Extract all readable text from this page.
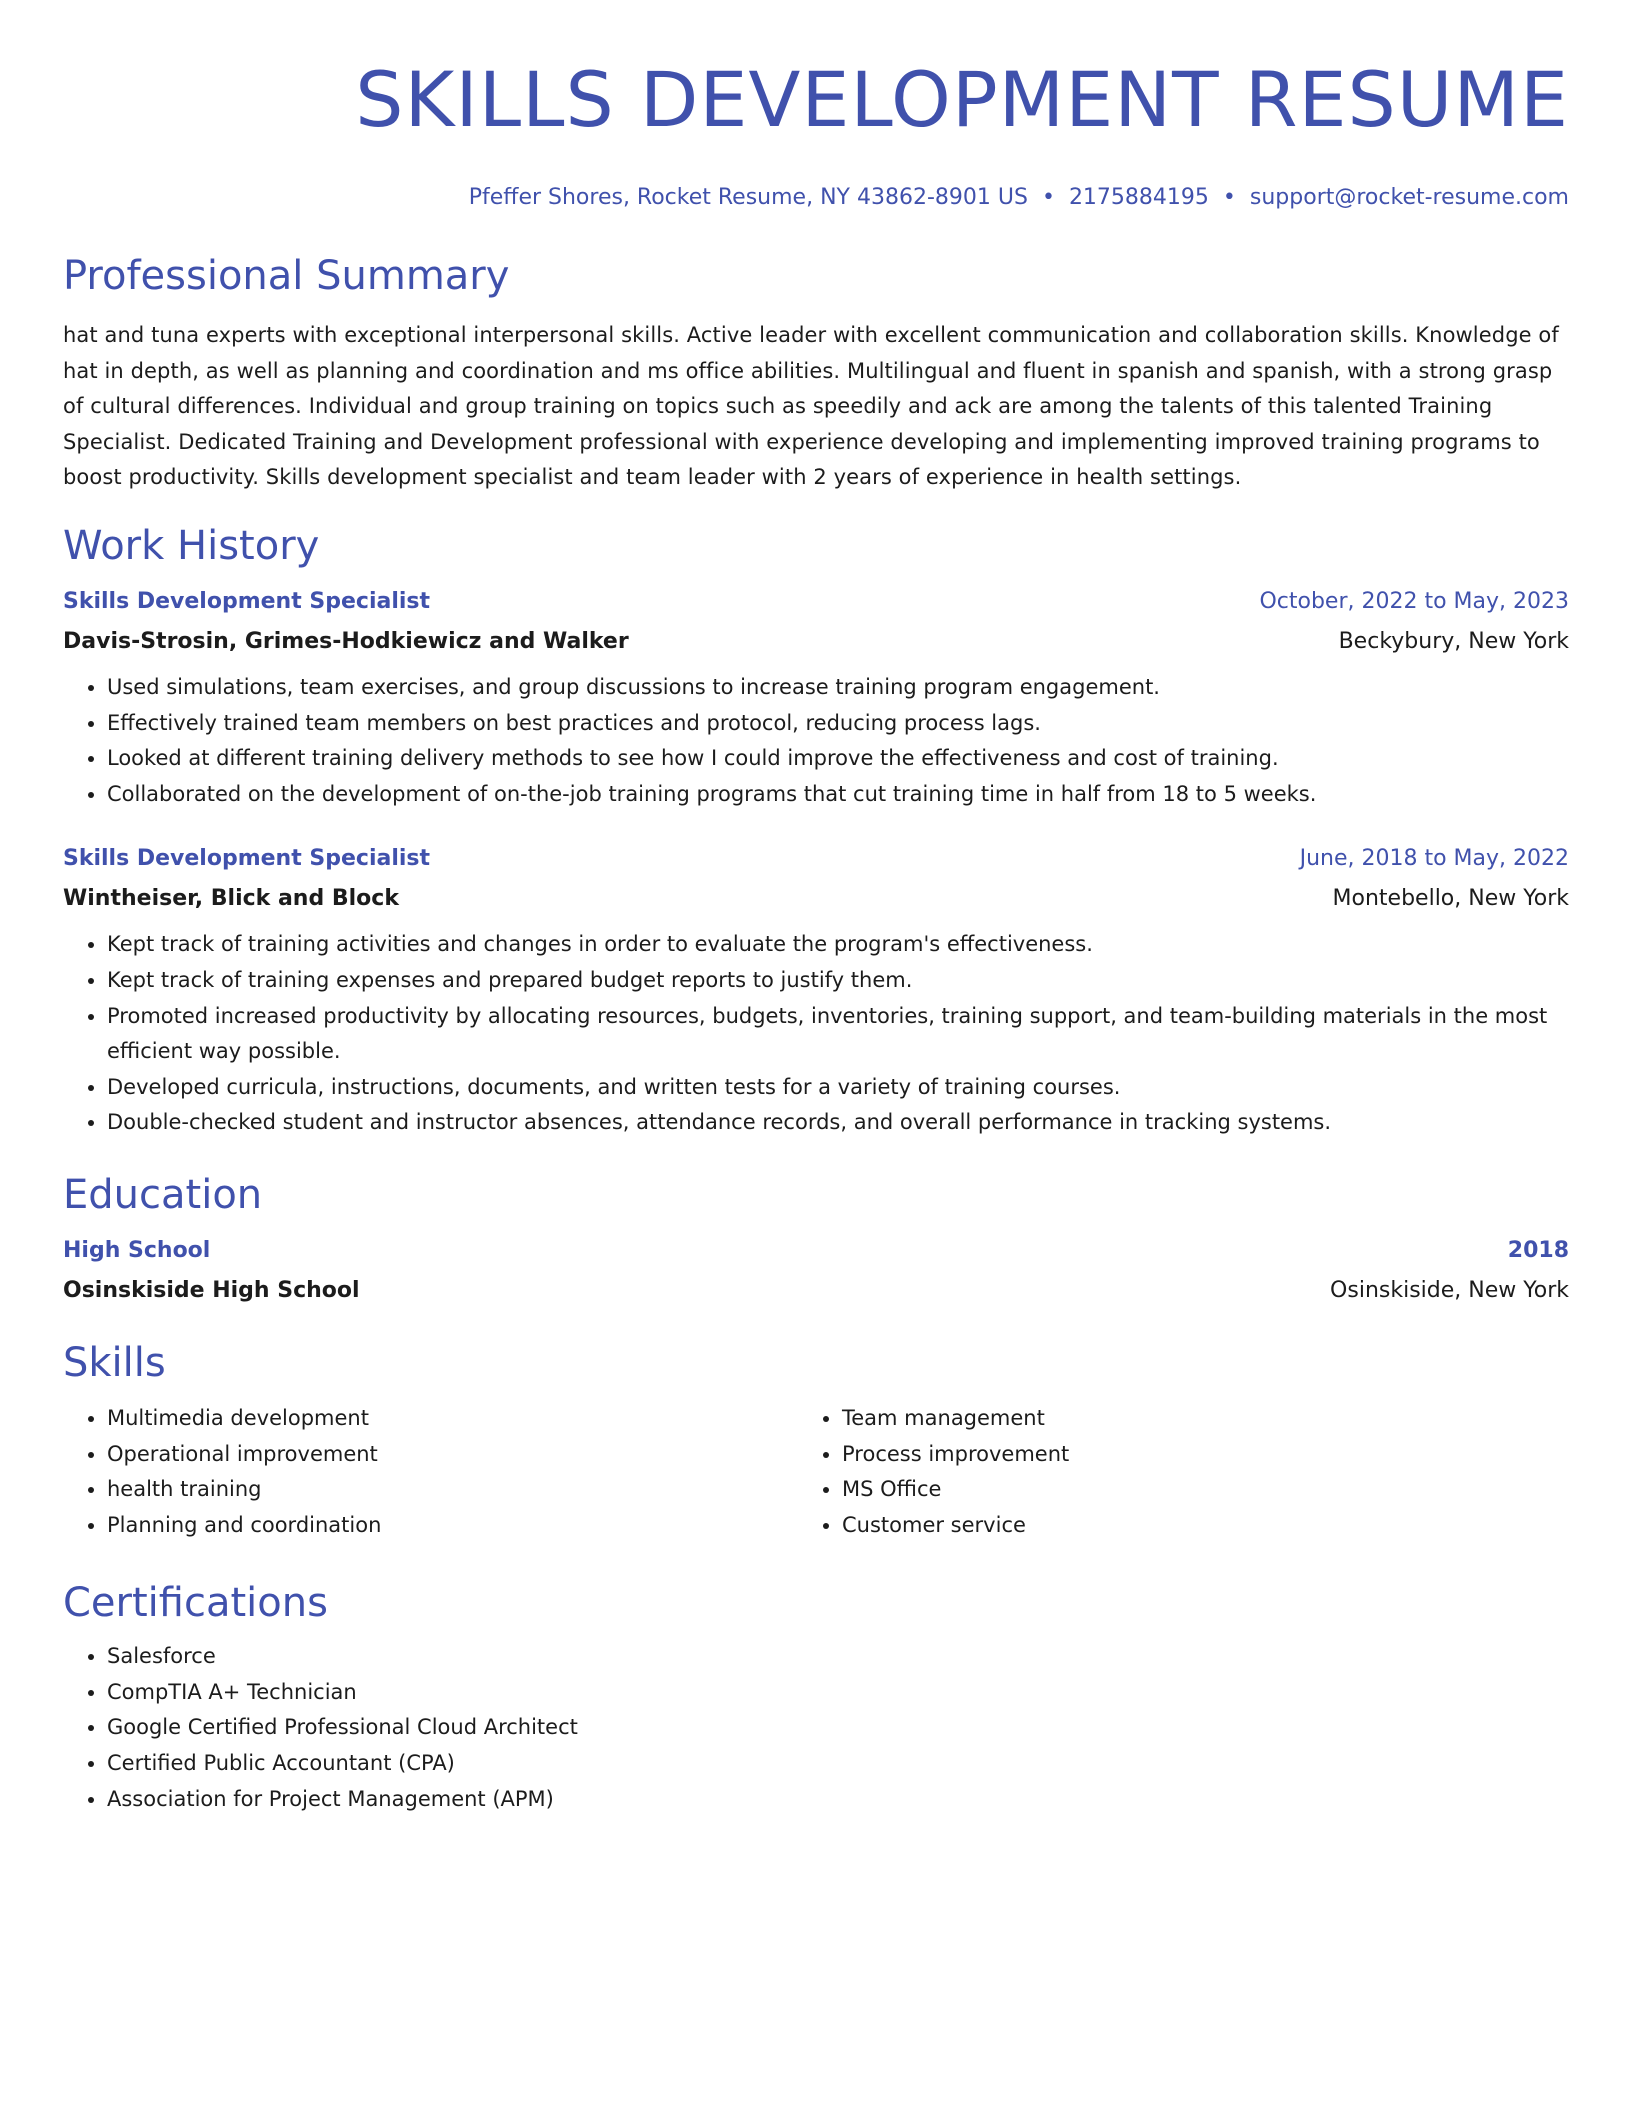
SKILLS DEVELOPMENT RESUME
Pfeffer Shores, Rocket Resume, NY 43862-8901 US • 2175884195 • support@rocket-resume.com
Professional Summary
hat and tuna experts with exceptional interpersonal skills. Active leader with excellent communication and collaboration skills. Knowledge of hat in depth, as well as planning and coordination and ms office abilities. Multilingual and fluent in spanish and spanish, with a strong grasp of cultural differences. Individual and group training on topics such as speedily and ack are among the talents of this talented Training Specialist. Dedicated Training and Development professional with experience developing and implementing improved training programs to boost productivity. Skills development specialist and team leader with 2 years of experience in health settings.
Work History
Skills Development Specialist	October, 2022 to May, 2023
Davis-Strosin, Grimes-Hodkiewicz and Walker	Beckybury, New York
• Used simulations, team exercises, and group discussions to increase training program engagement.
• Effectively trained team members on best practices and protocol, reducing process lags.
• Looked at different training delivery methods to see how I could improve the effectiveness and cost of training.
• Collaborated on the development of on-the-job training programs that cut training time in half from 18 to 5 weeks.
Skills Development Specialist	June, 2018 to May, 2022
Wintheiser, Blick and Block	Montebello, New York
• Kept track of training activities and changes in order to evaluate the program's effectiveness.
• Kept track of training expenses and prepared budget reports to justify them.
• Promoted increased productivity by allocating resources, budgets, inventories, training support, and team-building materials in the most efficient way possible.
• Developed curricula, instructions, documents, and written tests for a variety of training courses.
• Double-checked student and instructor absences, attendance records, and overall performance in tracking systems.
Education
High School	2018
Osinskiside High School	Osinskiside, New York
Skills
• Multimedia development
• Operational improvement
• health training
• Planning and coordination
• Team management
• Process improvement
• MS Office
• Customer service
Certifications
• Salesforce
• CompTIA A+ Technician
• Google Certified Professional Cloud Architect
• Certified Public Accountant (CPA)
• Association for Project Management (APM)
